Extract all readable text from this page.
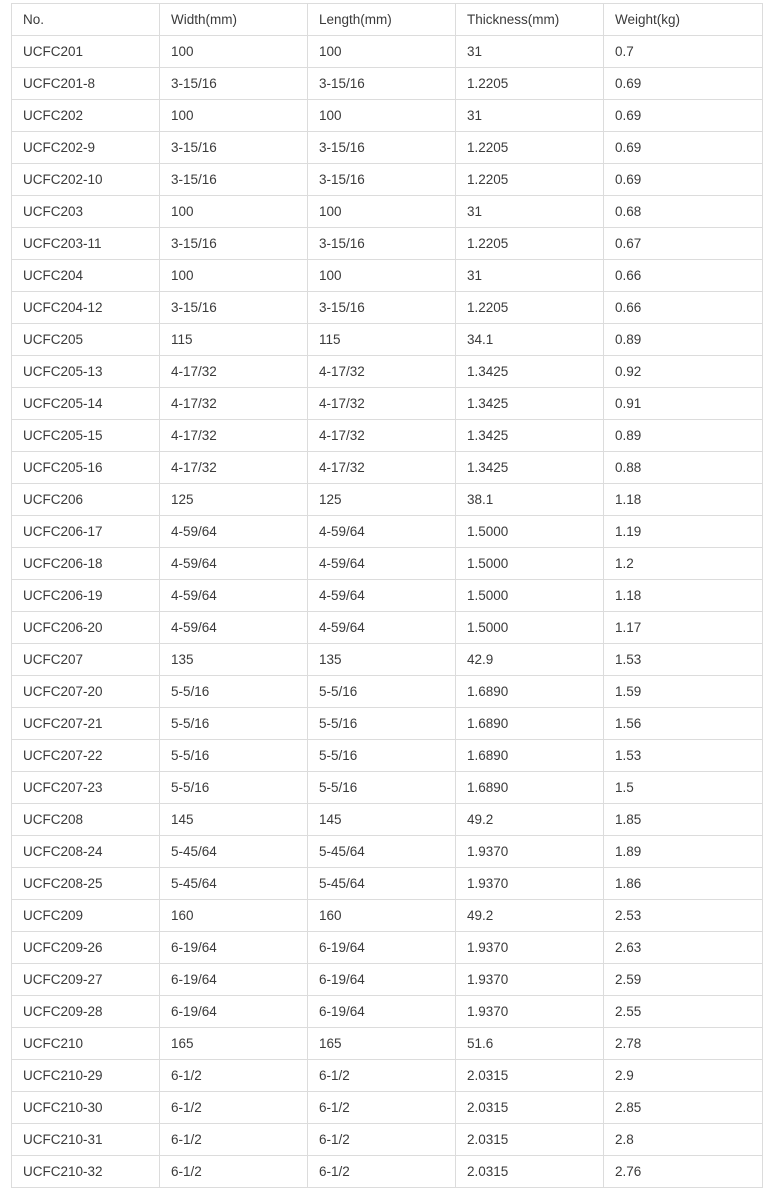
No.	Width(mm)	Length(mm)	Thickness(mm)	Weight(kg)
UCFC201	100	100	31	0.7
UCFC201-8	3-15/16	3-15/16	1.2205	0.69
UCFC202	100	100	31	0.69
UCFC202-9	3-15/16	3-15/16	1.2205	0.69
UCFC202-10	3-15/16	3-15/16	1.2205	0.69
UCFC203	100	100	31	0.68
UCFC203-11	3-15/16	3-15/16	1.2205	0.67
UCFC204	100	100	31	0.66
UCFC204-12	3-15/16	3-15/16	1.2205	0.66
UCFC205	115	115	34.1	0.89
UCFC205-13	4-17/32	4-17/32	1.3425	0.92
UCFC205-14	4-17/32	4-17/32	1.3425	0.91
UCFC205-15	4-17/32	4-17/32	1.3425	0.89
UCFC205-16	4-17/32	4-17/32	1.3425	0.88
UCFC206	125	125	38.1	1.18
UCFC206-17	4-59/64	4-59/64	1.5000	1.19
UCFC206-18	4-59/64	4-59/64	1.5000	1.2
UCFC206-19	4-59/64	4-59/64	1.5000	1.18
UCFC206-20	4-59/64	4-59/64	1.5000	1.17
UCFC207	135	135	42.9	1.53
UCFC207-20	5-5/16	5-5/16	1.6890	1.59
UCFC207-21	5-5/16	5-5/16	1.6890	1.56
UCFC207-22	5-5/16	5-5/16	1.6890	1.53
UCFC207-23	5-5/16	5-5/16	1.6890	1.5
UCFC208	145	145	49.2	1.85
UCFC208-24	5-45/64	5-45/64	1.9370	1.89
UCFC208-25	5-45/64	5-45/64	1.9370	1.86
UCFC209	160	160	49.2	2.53
UCFC209-26	6-19/64	6-19/64	1.9370	2.63
UCFC209-27	6-19/64	6-19/64	1.9370	2.59
UCFC209-28	6-19/64	6-19/64	1.9370	2.55
UCFC210	165	165	51.6	2.78
UCFC210-29	6-1/2	6-1/2	2.0315	2.9
UCFC210-30	6-1/2	6-1/2	2.0315	2.85
UCFC210-31	6-1/2	6-1/2	2.0315	2.8
UCFC210-32	6-1/2	6-1/2	2.0315	2.76
